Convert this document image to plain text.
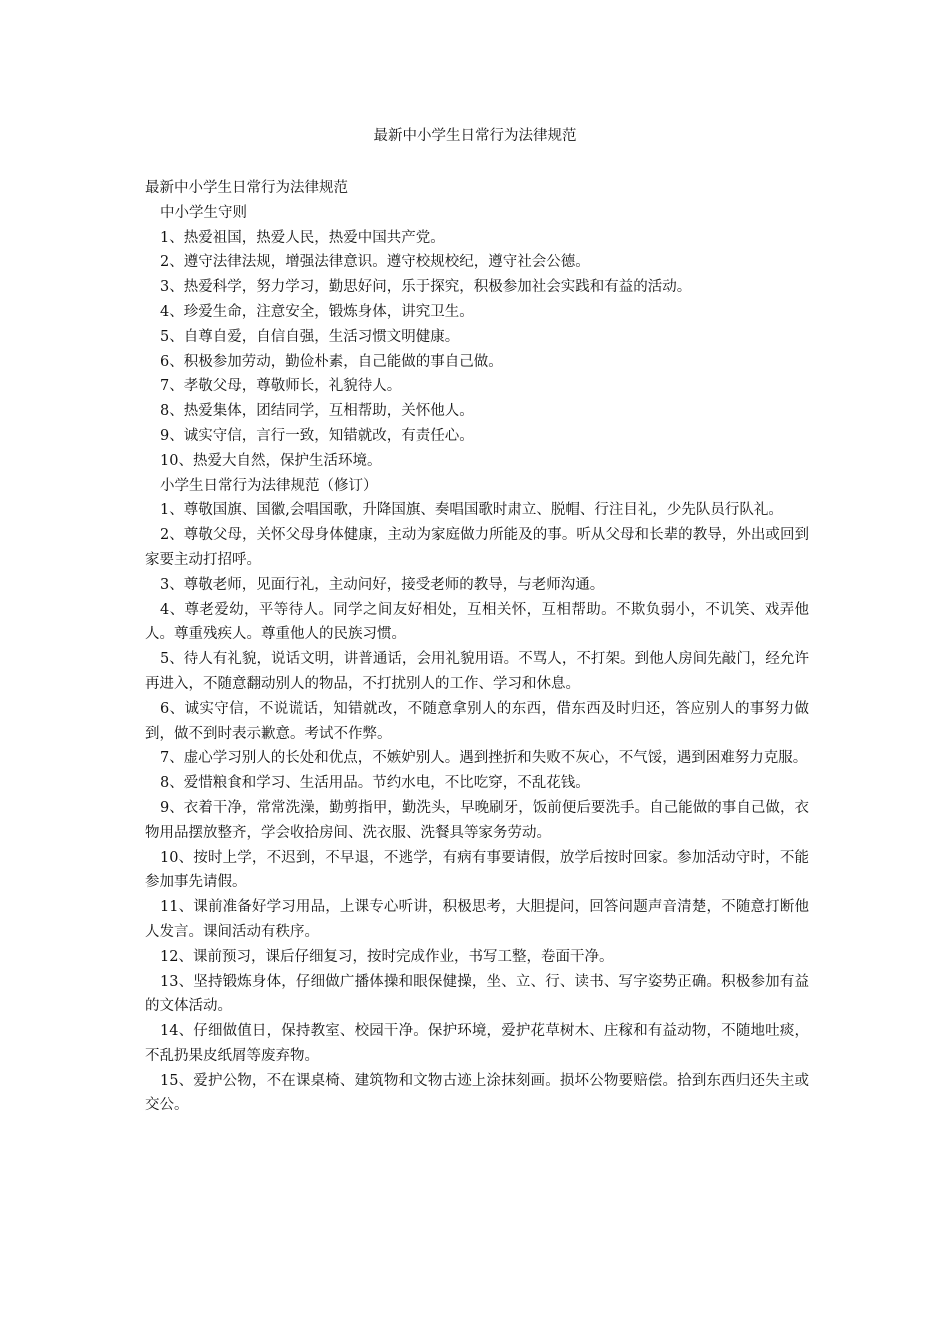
最新中小学生日常行为法律规范

最新中小学生日常行为法律规范

中小学生守则

1、热爱祖国，热爱人民，热爱中国共产党。

2、遵守法律法规，增强法律意识。遵守校规校纪，遵守社会公德。

3、热爱科学，努力学习，勤思好问，乐于探究，积极参加社会实践和有益的活动。

4、珍爱生命，注意安全，锻炼身体，讲究卫生。

5、自尊自爱，自信自强，生活习惯文明健康。

6、积极参加劳动，勤俭朴素，自己能做的事自己做。

7、孝敬父母，尊敬师长，礼貌待人。

8、热爱集体，团结同学，互相帮助，关怀他人。

9、诚实守信，言行一致，知错就改，有责任心。

10、热爱大自然，保护生活环境。

小学生日常行为法律规范（修订）

1、尊敬国旗、国徽,会唱国歌，升降国旗、奏唱国歌时肃立、脱帽、行注目礼，少先队员行队礼。

2、尊敬父母，关怀父母身体健康，主动为家庭做力所能及的事。听从父母和长辈的教导，外出或回到家要主动打招呼。

3、尊敬老师，见面行礼，主动问好，接受老师的教导，与老师沟通。

4、尊老爱幼，平等待人。同学之间友好相处，互相关怀，互相帮助。不欺负弱小，不讥笑、戏弄他人。尊重残疾人。尊重他人的民族习惯。

5、待人有礼貌，说话文明，讲普通话，会用礼貌用语。不骂人，不打架。到他人房间先敲门，经允许再进入，不随意翻动别人的物品，不打扰别人的工作、学习和休息。

6、诚实守信，不说谎话，知错就改，不随意拿别人的东西，借东西及时归还，答应别人的事努力做到，做不到时表示歉意。考试不作弊。

7、虚心学习别人的长处和优点，不嫉妒别人。遇到挫折和失败不灰心，不气馁，遇到困难努力克服。

8、爱惜粮食和学习、生活用品。节约水电，不比吃穿，不乱花钱。

9、衣着干净，常常洗澡，勤剪指甲，勤洗头，早晚刷牙，饭前便后要洗手。自己能做的事自己做，衣物用品摆放整齐，学会收拾房间、洗衣服、洗餐具等家务劳动。

10、按时上学，不迟到，不早退，不逃学，有病有事要请假，放学后按时回家。参加活动守时，不能参加事先请假。

11、课前准备好学习用品，上课专心听讲，积极思考，大胆提问，回答问题声音清楚，不随意打断他人发言。课间活动有秩序。

12、课前预习，课后仔细复习，按时完成作业，书写工整，卷面干净。

13、坚持锻炼身体，仔细做广播体操和眼保健操，坐、立、行、读书、写字姿势正确。积极参加有益的文体活动。

14、仔细做值日，保持教室、校园干净。保护环境，爱护花草树木、庄稼和有益动物，不随地吐痰，不乱扔果皮纸屑等废弃物。

15、爱护公物，不在课桌椅、建筑物和文物古迹上涂抹刻画。损坏公物要赔偿。拾到东西归还失主或交公。
